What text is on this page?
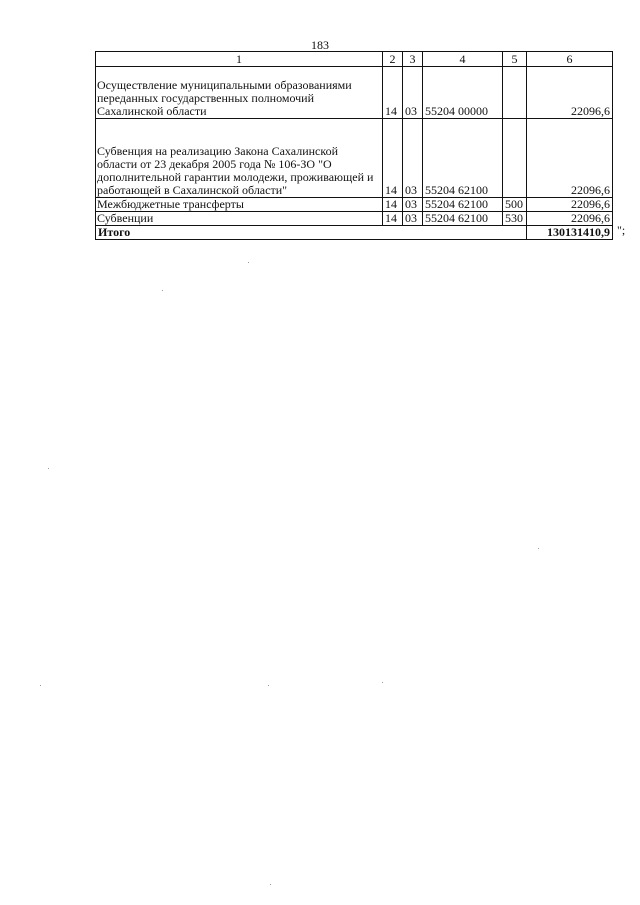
183
1	2	3	4	5	6
Осуществление муниципальными образованиями переданных государственных полномочий Сахалинской области	14	03	55204 00000		22096,6
Субвенция на реализацию Закона Сахалинской области от 23 декабря 2005 года № 106-ЗО "О дополнительной гарантии молодежи, проживающей и работающей в Сахалинской области"	14	03	55204 62100		22096,6
Межбюджетные трансферты	14	03	55204 62100	500	22096,6
Субвенции	14	03	55204 62100	530	22096,6
Итого					130131410,9 ";
